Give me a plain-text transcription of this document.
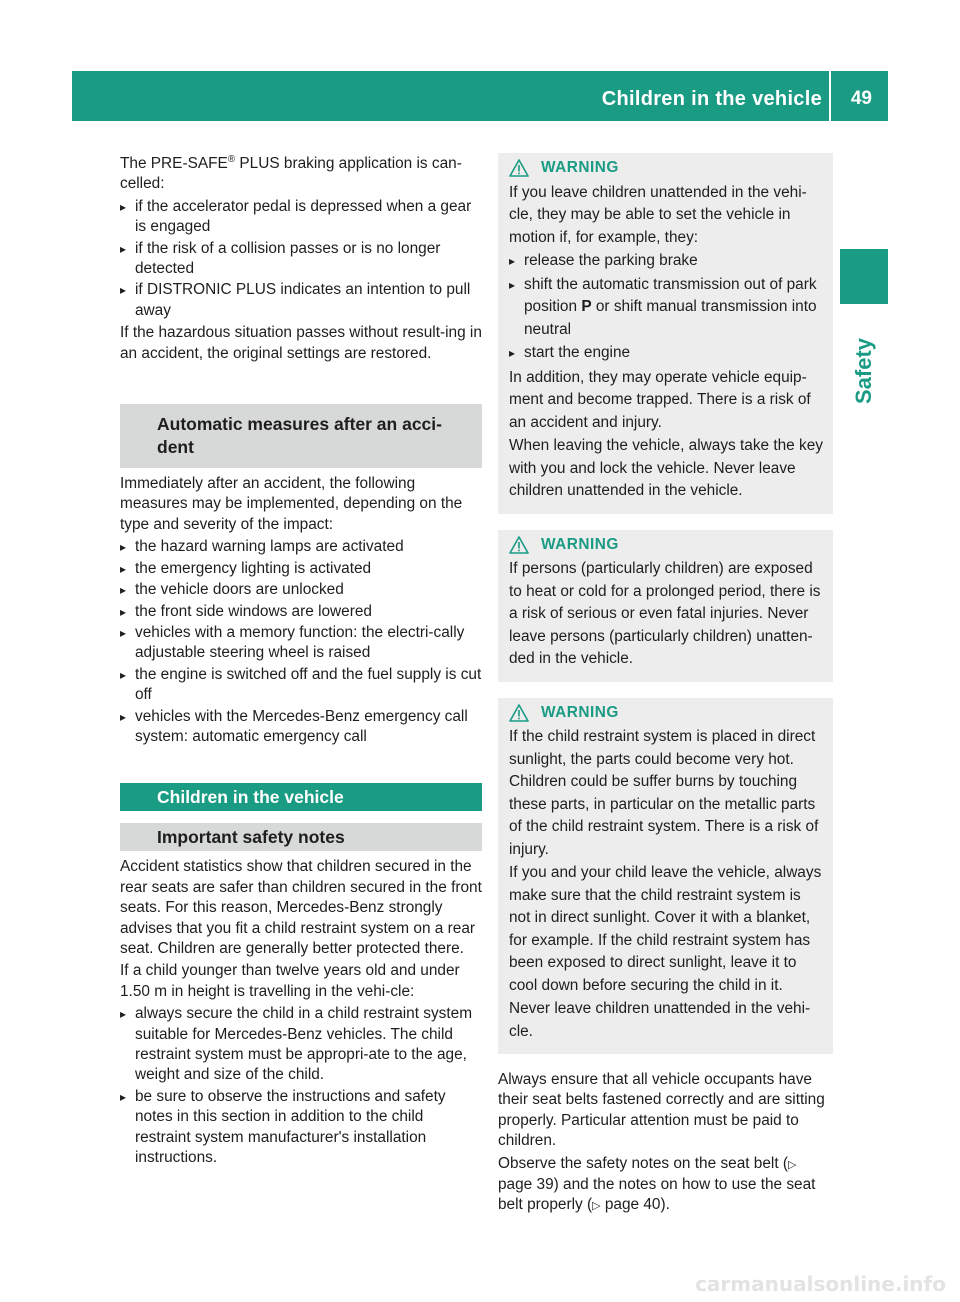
Children in the vehicle 49
Safety

The PRE-SAFE® PLUS braking application is can-celled:

▸ if the accelerator pedal is depressed when a gear is engaged
▸ if the risk of a collision passes or is no longer detected
▸ if DISTRONIC PLUS indicates an intention to pull away

If the hazardous situation passes without result-ing in an accident, the original settings are restored.

Automatic measures after an acci-dent

Immediately after an accident, the following measures may be implemented, depending on the type and severity of the impact:

▸ the hazard warning lamps are activated
▸ the emergency lighting is activated
▸ the vehicle doors are unlocked
▸ the front side windows are lowered
▸ vehicles with a memory function: the electri-cally adjustable steering wheel is raised
▸ the engine is switched off and the fuel supply is cut off
▸ vehicles with the Mercedes-Benz emergency call system: automatic emergency call
Children in the vehicle
Important safety notes

Accident statistics show that children secured in the rear seats are safer than children secured in the front seats. For this reason, Mercedes-Benz strongly advises that you fit a child restraint system on a rear seat. Children are generally better protected there.

If a child younger than twelve years old and under 1.50 m in height is travelling in the vehi-cle:

▸ always secure the child in a child restraint system suitable for Mercedes-Benz vehicles. The child restraint system must be appropri-ate to the age, weight and size of the child.
▸ be sure to observe the instructions and safety notes in this section in addition to the child restraint system manufacturer's installation instructions.
WARNING

If you leave children unattended in the vehi-cle, they may be able to set the vehicle in motion if, for example, they:

▸ release the parking brake
▸ shift the automatic transmission out of park position P or shift manual transmission into neutral
▸ start the engine

In addition, they may operate vehicle equip-ment and become trapped. There is a risk of an accident and injury.

When leaving the vehicle, always take the key with you and lock the vehicle. Never leave children unattended in the vehicle.

WARNING

If persons (particularly children) are exposed to heat or cold for a prolonged period, there is a risk of serious or even fatal injuries. Never leave persons (particularly children) unatten-ded in the vehicle.

WARNING

If the child restraint system is placed in direct sunlight, the parts could become very hot. Children could be suffer burns by touching these parts, in particular on the metallic parts of the child restraint system. There is a risk of injury.

If you and your child leave the vehicle, always make sure that the child restraint system is not in direct sunlight. Cover it with a blanket, for example. If the child restraint system has been exposed to direct sunlight, leave it to cool down before securing the child in it.

Never leave children unattended in the vehi-cle.

Always ensure that all vehicle occupants have their seat belts fastened correctly and are sitting properly. Particular attention must be paid to children.

Observe the safety notes on the seat belt (▷ page 39) and the notes on how to use the seat belt properly (▷ page 40).

carmanualsonline.info
